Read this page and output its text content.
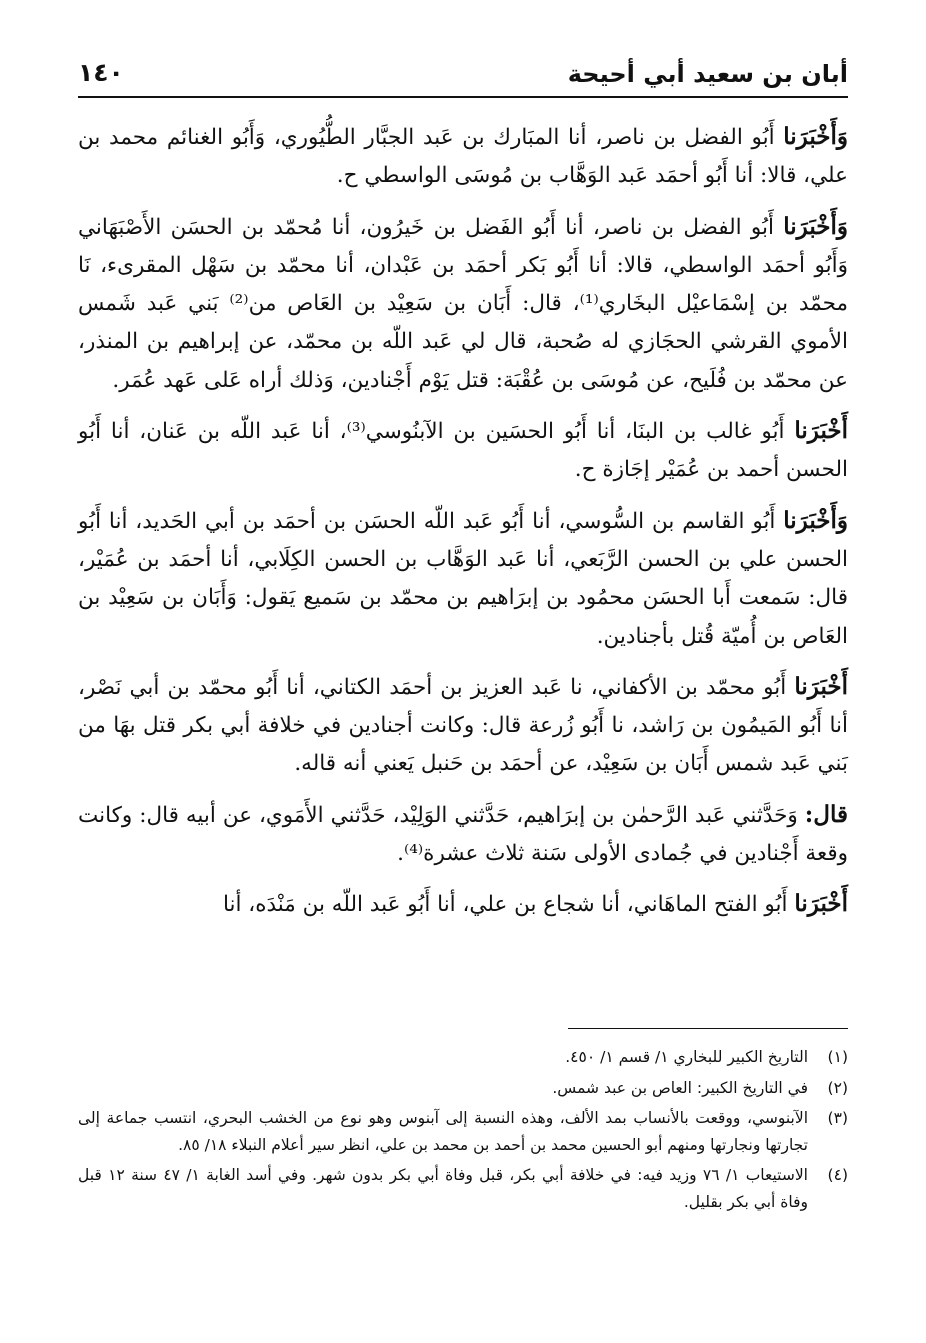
أبان بن سعيد أبي أحيحة
١٤٠

وَأَخْبَرَنا أَبُو الفضل بن ناصر، أنا المبَارك بن عَبد الجبَّار الطُّيُوري، وَأَبُو الغنائم محمد بن علي، قالا: أنا أَبُو أحمَد عَبد الوَهَّاب بن مُوسَى الواسطي ح.

وَأَخْبَرَنا أَبُو الفضل بن ناصر، أنا أَبُو الفَضل بن خَيرُون، أنا مُحمّد بن الحسَن الأَصْبَهَاني وَأَبُو أحمَد الواسطي، قالا: أنا أَبُو بَكر أحمَد بن عَبْدان، أنا محمّد بن سَهْل المقرىء، نَا محمّد بن إسْمَاعيْل البخَاري⁽¹⁾، قال: أَبَان بن سَعِيْد بن العَاص من⁽²⁾ بَني عَبد شَمس الأموي القرشي الحجَازي له صُحبة، قال لي عَبد اللّه بن محمّد، عن إبراهيم بن المنذر، عن محمّد بن فُلَيح، عن مُوسَى بن عُقْبَة: قتل يَوْم أَجْنادين، وَذلك أراه عَلى عَهد عُمَر.

أَخْبَرَنا أَبُو غالب بن البنَا، أنا أَبُو الحسَين بن الآبنُوسي⁽³⁾، أنا عَبد اللّه بن عَنان، أنا أَبُو الحسن أحمد بن عُمَيْر إجَازة ح.

وَأَخْبَرَنا أَبُو القاسم بن السُّوسي، أنا أَبُو عَبد اللّه الحسَن بن أحمَد بن أبي الحَديد، أنا أَبُو الحسن علي بن الحسن الرَّبَعي، أنا عَبد الوَهَّاب بن الحسن الكِلَابي، أنا أحمَد بن عُمَيْر، قال: سَمعت أَبا الحسَن محمُود بن إبرَاهيم بن محمّد بن سَميع يَقول: وَأَبَان بن سَعِيْد بن العَاص بن أُميّة قُتل بأجنادين.

أَخْبَرَنا أَبُو محمّد بن الأكفاني، نا عَبد العزيز بن أحمَد الكتاني، أنا أَبُو محمّد بن أبي نَصْر، أنا أَبُو المَيمُون بن رَاشد، نا أَبُو زُرعة قال: وكانت أجنادين في خلافة أبي بكر قتل بهَا من بَني عَبد شمس أَبَان بن سَعِيْد، عن أحمَد بن حَنبل يَعني أنه قاله.

قال: وَحَدَّثني عَبد الرَّحمٰن بن إبرَاهيم، حَدَّثني الوَلِيْد، حَدَّثني الأَمَوي، عن أبيه قال: وكانت وقعة أَجْنادين في جُمادى الأولى سَنة ثلاث عشرة⁽⁴⁾.

أَخْبَرَنا أَبُو الفتح الماهَاني، أنا شجاع بن علي، أنا أَبُو عَبد اللّه بن مَنْدَه، أنا

(١)
التاريخ الكبير للبخاري ١/ قسم ١/ ٤٥٠.
(٢)
في التاريخ الكبير: العاص بن عبد شمس.
(٣)
الآبنوسي، ووقعت بالأنساب بمد الألف، وهذه النسبة إلى آبنوس وهو نوع من الخشب البحري، انتسب جماعة إلى تجارتها ونجارتها ومنهم أبو الحسين محمد بن أحمد بن محمد بن علي، انظر سير أعلام النبلاء ١٨/ ٨٥.
(٤)
الاستيعاب ١/ ٧٦ وزيد فيه: في خلافة أبي بكر، قبل وفاة أبي بكر بدون شهر. وفي أسد الغابة ١/ ٤٧ سنة ١٢ قبل وفاة أبي بكر بقليل.
